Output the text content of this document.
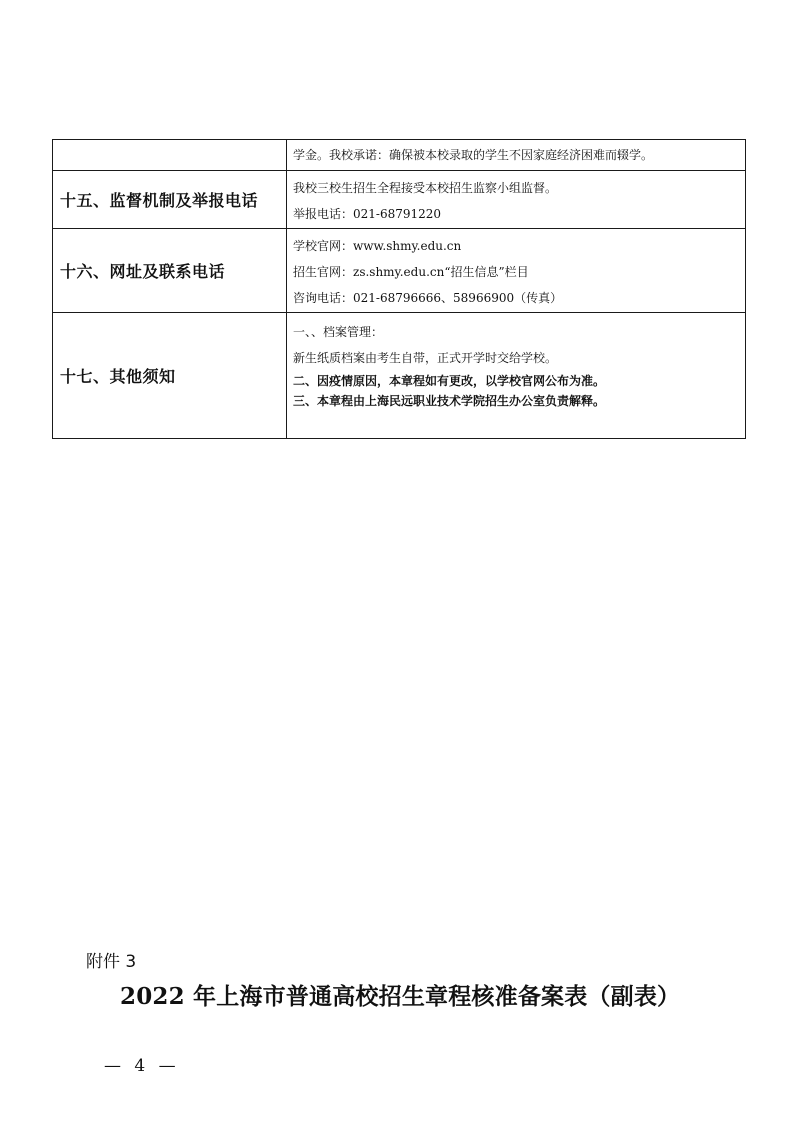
学金。我校承诺：确保被本校录取的学生不因家庭经济困难而辍学。
十五、监督机制及举报电话
我校三校生招生全程接受本校招生监察小组监督。
举报电话：021-68791220
十六、网址及联系电话
学校官网：www.shmy.edu.cn
招生官网：zs.shmy.edu.cn“招生信息”栏目
咨询电话：021-68796666、58966900（传真）
十七、其他须知
一、、档案管理：
新生纸质档案由考生自带，正式开学时交给学校。
二、因疫情原因，本章程如有更改，以学校官网公布为准。
三、本章程由上海民远职业技术学院招生办公室负责解释。
附件 3
2022 年上海市普通高校招生章程核准备案表（副表）
— 4 —
